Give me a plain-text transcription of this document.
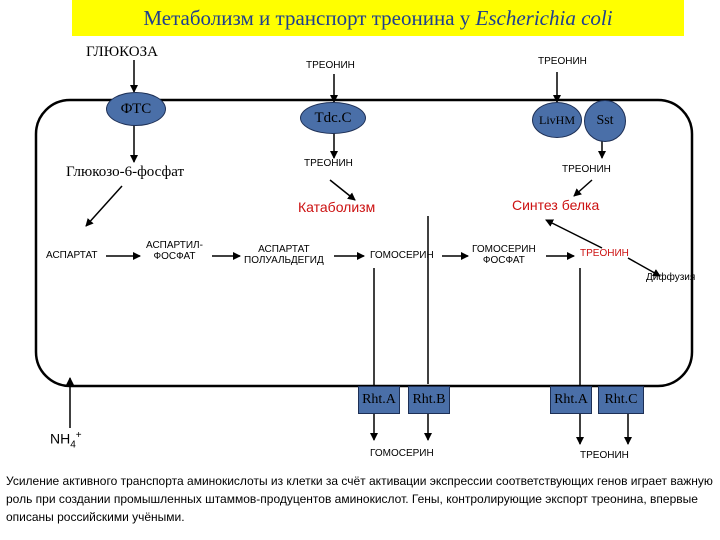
Метаболизм и транспорт треонина у Escherichia coli
ГЛЮКОЗА
ТРЕОНИН	ТРЕОНИН
ФТС
Tdc.C	LivHM Sst
Глюкозо-6-фосфат
ТРЕОНИН
ТРЕОНИН
Катаболизм	Синтез белка
АСПАРТАТ
АСПАРТИЛ-
ФОСФАТ
АСПАРТАТ
ПОЛУАЛЬДЕГИД	ГОМОСЕРИН
ГОМОСЕРИН
ФОСФАТ
ТРЕОНИН
Диффузия
Rht.A Rht.B	Rht.A Rht.C
$NH_4^+$
ГОМОСЕРИН	ТРЕОНИН
Усиление активного транспорта аминокислоты из клетки за счёт активации экспрессии соответствующих генов играет важную роль при создании промышленных штаммов-продуцентов аминокислот. Гены, контролирующие экспорт треонина, впервые описаны российскими учёными.
